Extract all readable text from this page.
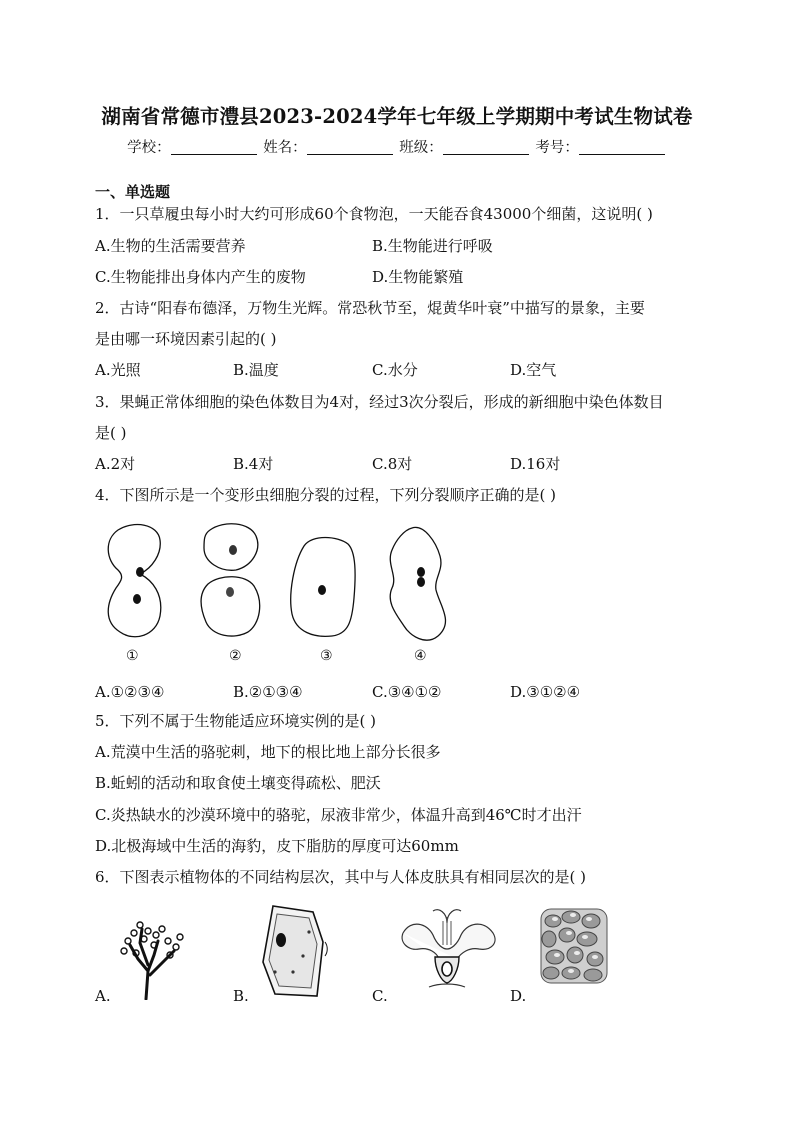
湖南省常德市澧县2023-2024学年七年级上学期期中考试生物试卷
学校：	姓名：	班级：	考号：
一、单选题
1．一只草履虫每小时大约可形成60个食物泡，一天能吞食43000个细菌，这说明( )
A.生物的生活需要营养	B.生物能进行呼吸
C.生物能排出身体内产生的废物	D.生物能繁殖
2．古诗“阳春布德泽，万物生光辉。常恐秋节至，焜黄华叶衰”中描写的景象，主要
是由哪一环境因素引起的( )
A.光照	B.温度	C.水分	D.空气
3．果蝇正常体细胞的染色体数目为4对，经过3次分裂后，形成的新细胞中染色体数目
是( )
A.2对	B.4对	C.8对	D.16对
4．下图所示是一个变形虫细胞分裂的过程，下列分裂顺序正确的是( )
①	②	③	④
A.①②③④	B.②①③④	C.③④①②	D.③①②④
5．下列不属于生物能适应环境实例的是( )
A.荒漠中生活的骆驼刺，地下的根比地上部分长很多
B.蚯蚓的活动和取食使土壤变得疏松、肥沃
C.炎热缺水的沙漠环境中的骆驼，尿液非常少，体温升高到46℃时才出汗
D.北极海域中生活的海豹，皮下脂肪的厚度可达60mm
6．下图表示植物体的不同结构层次，其中与人体皮肤具有相同层次的是( )
A.	B.	C.	D.
